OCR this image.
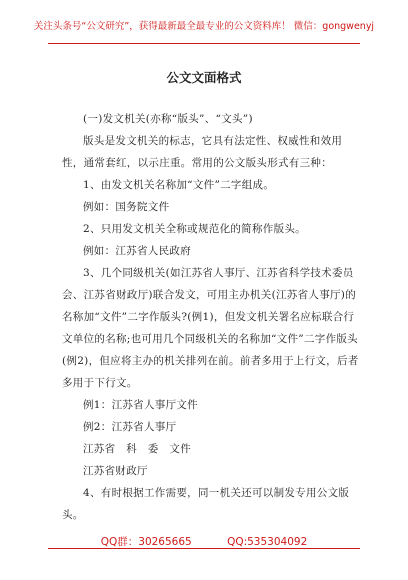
关注头条号“公文研究”，获得最新最全最专业的公文资料库！ 微信：gongwenyj
公文文面格式

(一)发文机关(亦称“版头”、“文头”)

版头是发文机关的标志，它具有法定性、权威性和效用性，通常套红，以示庄重。常用的公文版头形式有三种：

1、由发文机关名称加“文件”二字组成。

例如：国务院文件

2、只用发文机关全称或规范化的简称作版头。

例如：江苏省人民政府

3、几个同级机关(如江苏省人事厅、江苏省科学技术委员会、江苏省财政厅)联合发文，可用主办机关(江苏省人事厅)的名称加“文件”二字作版头?(例1)，但发文机关署名应标联合行文单位的名称;也可用几个同级机关的名称加“文件”二字作版头(例2)，但应将主办的机关排列在前。前者多用于上行文，后者多用于下行文。

例1：江苏省人事厅文件

例2：江苏省人事厅

江苏省　科　委　文件

江苏省财政厅

4、有时根据工作需要，同一机关还可以制发专用公文版头。

QQ群：30265665	QQ:535304092
